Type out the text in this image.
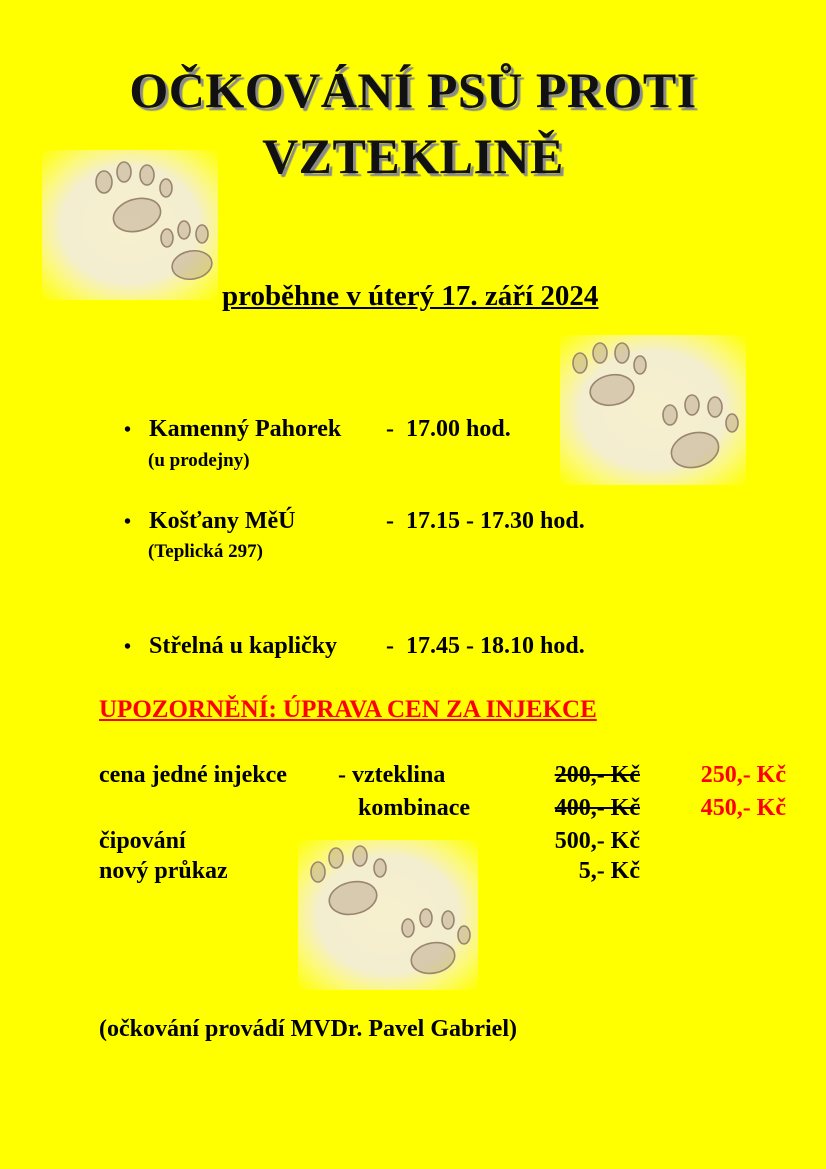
OČKOVÁNÍ PSŮ PROTI
VZTEKLINĚ
proběhne v úterý 17. září 2024
• Kamenný Pahorek - 17.00 hod.
(u prodejny)
• Košťany MěÚ	- 17.15 - 17.30 hod.
(Teplická 297)
• Střelná u kapličky - 17.45 - 18.10 hod.
UPOZORNĚNÍ: ÚPRAVA CEN ZA INJEKCE
cena jedné injekce - vzteklina	200,- Kč	250,- Kč
kombinace	400,- Kč	450,- Kč
čipování	500,- Kč
nový průkaz	5,- Kč
(očkování provádí MVDr. Pavel Gabriel)
